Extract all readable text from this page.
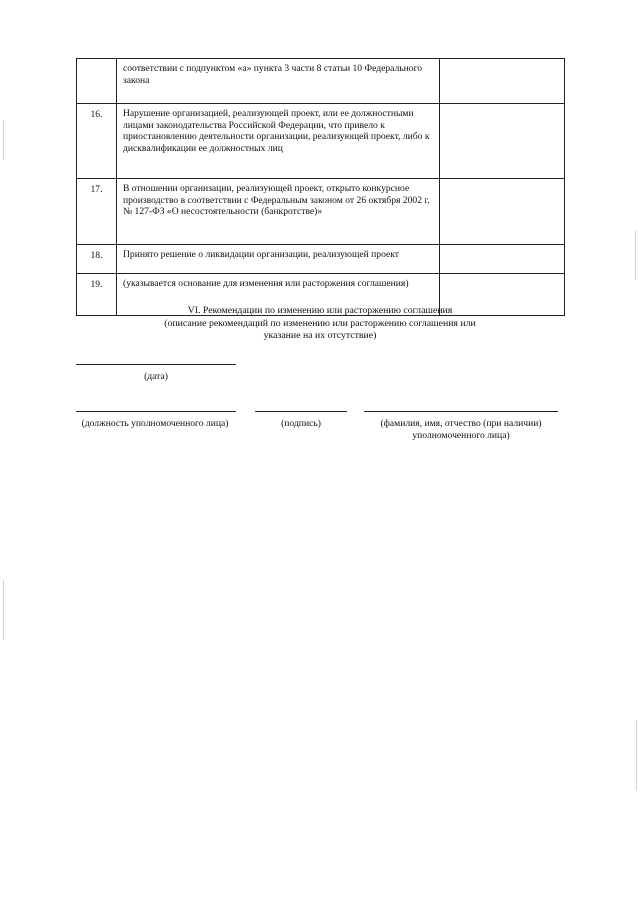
	соответствии с подпунктом «а» пункта 3 части 8 статьи 10 Федерального закона	
16.	Нарушение организацией, реализующей проект, или ее должностными лицами законодательства Российской Федерации, что привело к приостановлению деятельности организации, реализующей проект, либо к дисквалификации ее должностных лиц	
17.	В отношении организации, реализующей проект, открыто конкурсное производство в соответствии с Федеральным законом от 26 октября 2002 г. № 127-ФЗ «О несостоятельности (банкротстве)»	
18.	Принято решение о ликвидации организации, реализующей проект	
19.	(указывается основание для изменения или расторжения соглашения)	
VI. Рекомендации по изменению или расторжению соглашения
(описание рекомендаций по изменению или расторжению соглашения или указание на их отсутствие)
(дата)
(должность уполномоченного лица)	(подпись)	(фамилия, имя, отчество (при наличии) уполномоченного лица)
